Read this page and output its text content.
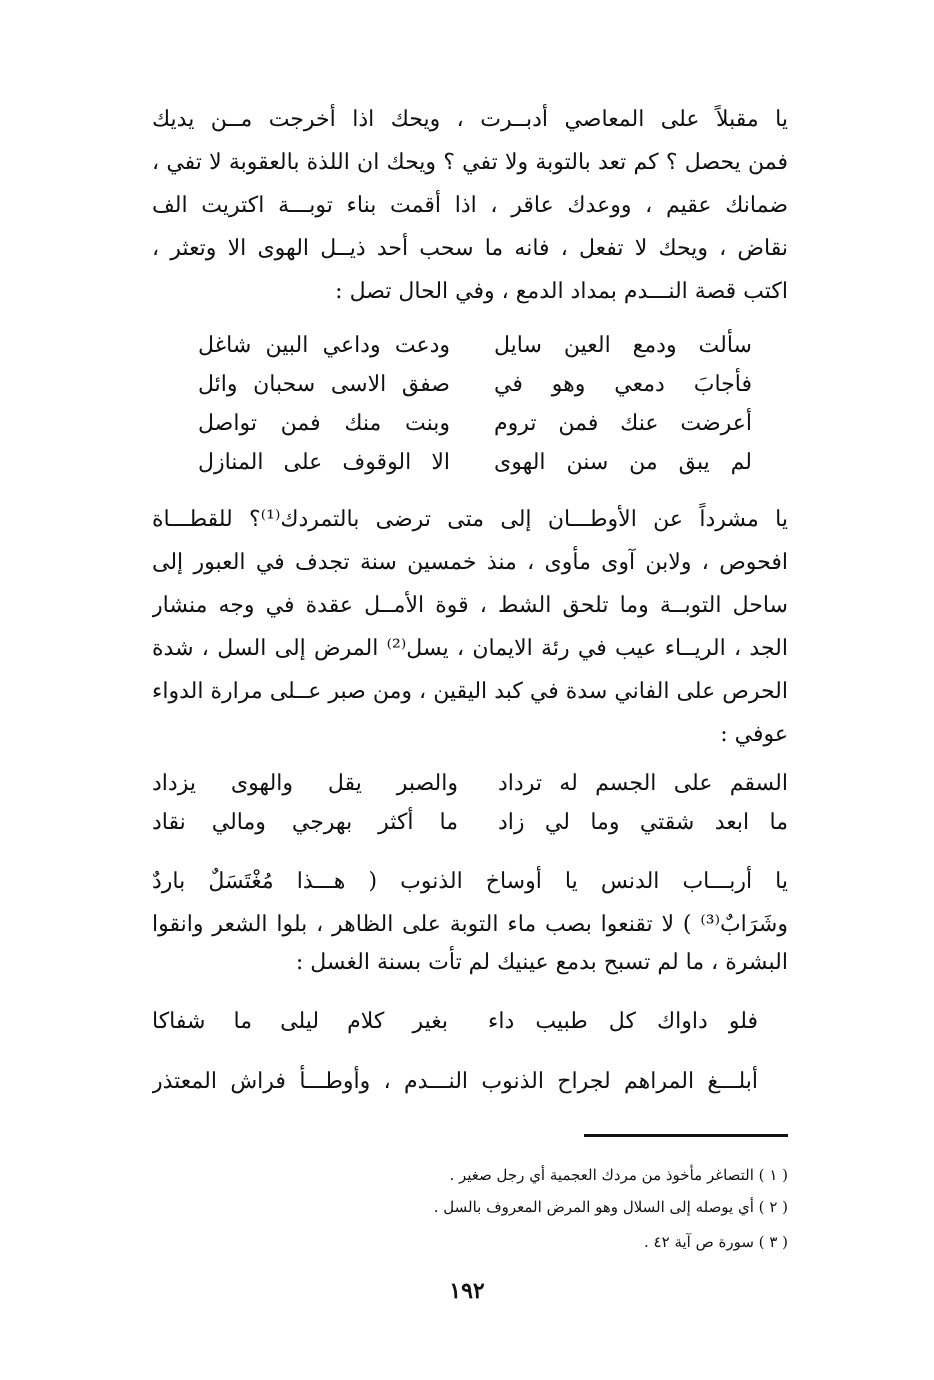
يا مقبلاً على المعاصي أدبــرت ، ويحك اذا أخرجت مــن يديك
فمن يحصل ؟ كم تعد بالتوبة ولا تفي ؟ ويحك ان اللذة بالعقوبة لا تفي ،
ضمانك عقيم ، ووعدك عاقر ، اذا أقمت بناء توبـــة اكتريت الف
نقاض ، ويحك لا تفعل ، فانه ما سحب أحد ذيــل الهوى الا وتعثر ،
اكتب قصة النـــدم بمداد الدمع ، وفي الحال تصل :
سألت ودمع العين سايل
ودعت وداعي البين شاغل
فأجابَ دمعي وهو في
صفق الاسى سحبان وائل
أعرضت عنك فمن تروم
وبنت منك فمن تواصل
لم يبق من سنن الهوى
الا الوقوف على المنازل
يا مشرداً عن الأوطـــان إلى متى ترضى بالتمردك⁽¹⁾؟ للقطـــاة
افحوص ، ولابن آوى مأوى ، منذ خمسين سنة تجدف في العبور إلى
ساحل التوبــة وما تلحق الشط ، قوة الأمــل عقدة في وجه منشار
الجد ، الريــاء عيب في رئة الايمان ، يسل⁽²⁾ المرض إلى السل ، شدة
الحرص على الفاني سدة في كبد اليقين ، ومن صبر عــلى مرارة الدواء
عوفي :
السقم على الجسم له ترداد
والصبر يقل والهوى يزداد
ما ابعد شقتي وما لي زاد
ما أكثر بهرجي ومالي نقاد
يا أربـــاب الدنس يا أوساخ الذنوب ( هـــذا مُغْتَسَلٌ باردٌ
وشَرَابٌ⁽³⁾ ) لا تقنعوا بصب ماء التوبة على الظاهر ، بلوا الشعر وانقوا
البشرة ، ما لم تسبح بدمع عينيك لم تأت بسنة الغسل :
فلو داواك كل طبيب داء
بغير كلام ليلى ما شفاكا
أبلـــغ المراهم لجراح الذنوب النـــدم ، وأوطـــأ فراش المعتذر
( ١ ) التصاغر مأخوذ من مردك العجمية أي رجل صغير .
( ٢ ) أي يوصله إلى السلال وهو المرض المعروف بالسل .
( ٣ ) سورة ص آية ٤٢ .
١٩٢
